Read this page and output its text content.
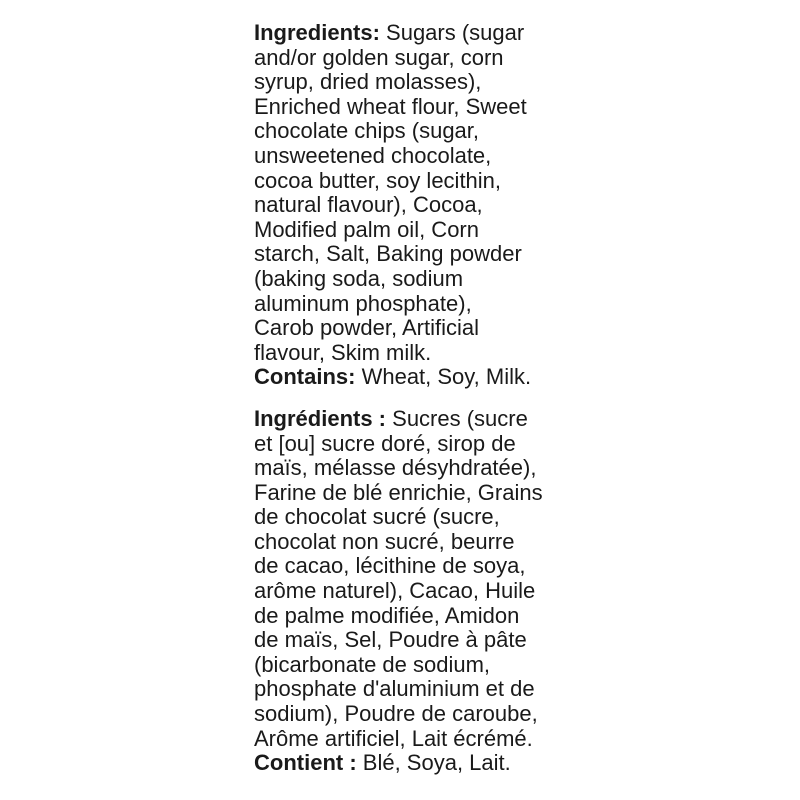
Ingredients: Sugars (sugar
and/or golden sugar, corn
syrup, dried molasses),
Enriched wheat flour, Sweet
chocolate chips (sugar,
unsweetened chocolate,
cocoa butter, soy lecithin,
natural flavour), Cocoa,
Modified palm oil, Corn
starch, Salt, Baking powder
(baking soda, sodium
aluminum phosphate),
Carob powder, Artificial
flavour, Skim milk.
Contains: Wheat, Soy, Milk.

Ingrédients : Sucres (sucre
et [ou] sucre doré, sirop de
maïs, mélasse désyhdratée),
Farine de blé enrichie, Grains
de chocolat sucré (sucre,
chocolat non sucré, beurre
de cacao, lécithine de soya,
arôme naturel), Cacao, Huile
de palme modifiée, Amidon
de maïs, Sel, Poudre à pâte
(bicarbonate de sodium,
phosphate d'aluminium et de
sodium), Poudre de caroube,
Arôme artificiel, Lait écrémé.
Contient : Blé, Soya, Lait.
